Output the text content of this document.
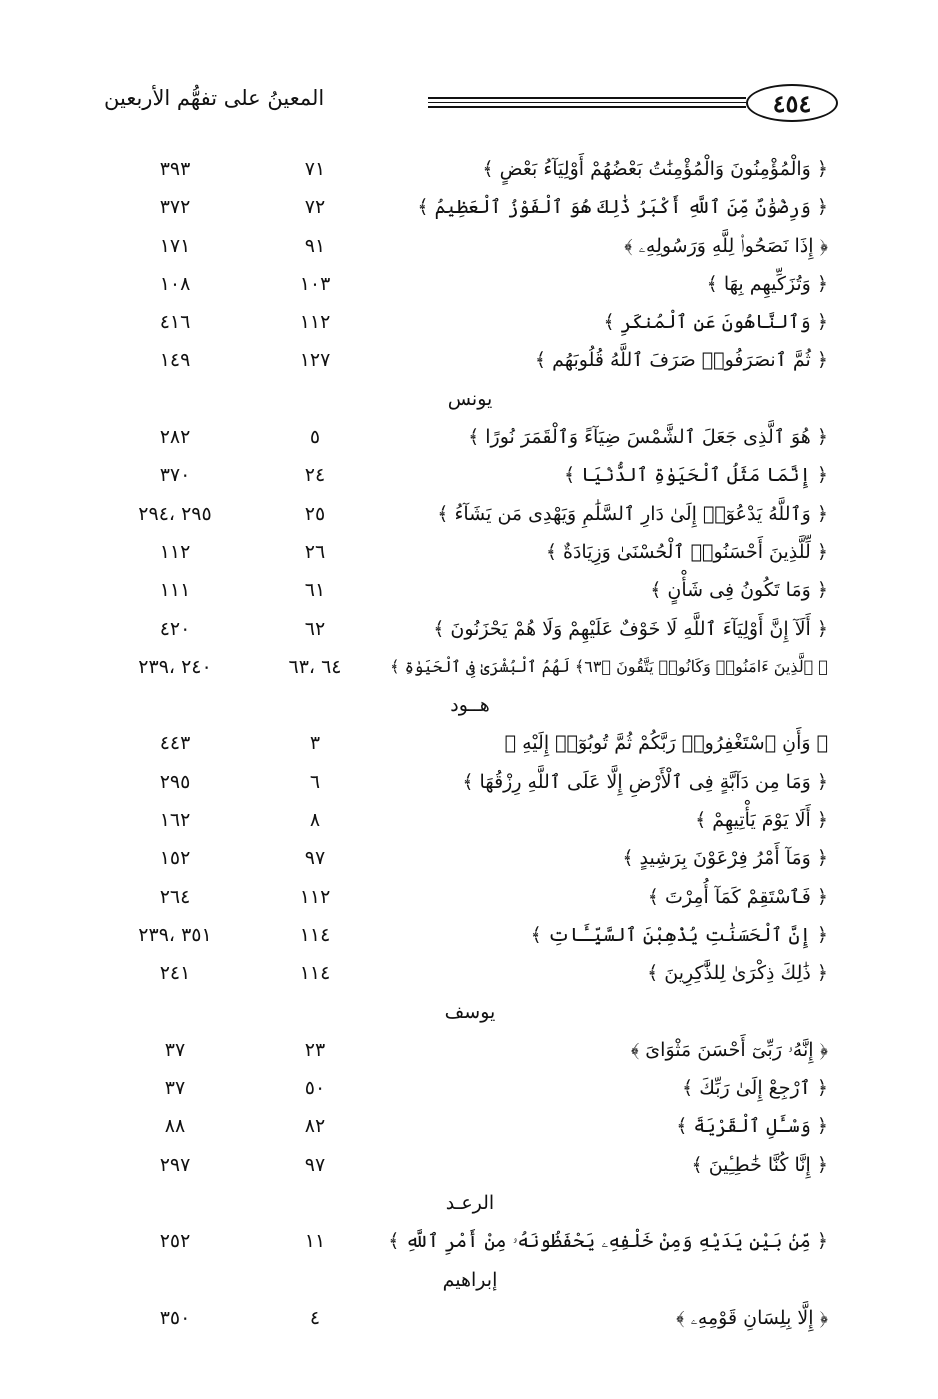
المعينُ على تفهُّم الأربعين	٤٥٤
﴿ وَالْمُؤْمِنُونَ وَالْمُؤْمِنَٰتُ بَعْضُهُمْ أَوْلِيَآءُ بَعْضٍ ﴾
٧١
٣٩٣
﴿ وَرِضْوَٰنٌ مِّنَ ٱللَّهِ أَكْبَرُ ذَٰلِكَ هُوَ ٱلْفَوْزُ ٱلْعَظِيمُ ﴾
٧٢
٣٧٢
﴿ إِذَا نَصَحُوا۟ لِلَّهِ وَرَسُولِهِۦ ﴾
٩١
١٧١
﴿ وَتُزَكِّيهِم بِهَا ﴾
١٠٣
١٠٨
﴿ وَٱلنَّاهُونَ عَنِ ٱلْمُنكَرِ ﴾
١١٢
٤١٦
﴿ ثُمَّ ٱنصَرَفُوا۟ صَرَفَ ٱللَّهُ قُلُوبَهُم ﴾
١٢٧
١٤٩
يونس
﴿ هُوَ ٱلَّذِى جَعَلَ ٱلشَّمْسَ ضِيَآءً وَٱلْقَمَرَ نُورًا ﴾
٥
٢٨٢
﴿ إِنَّمَا مَثَلُ ٱلْحَيَوٰةِ ٱلدُّنْيَا ﴾
٢٤
٣٧٠
﴿ وَٱللَّهُ يَدْعُوٓا۟ إِلَىٰ دَارِ ٱلسَّلَٰمِ وَيَهْدِى مَن يَشَآءُ ﴾
٢٥
٢٩٥ ،٢٩٤
﴿ لِّلَّذِينَ أَحْسَنُوا۟ ٱلْحُسْنَىٰ وَزِيَادَةٌ ﴾
٢٦
١١٢
﴿ وَمَا تَكُونُ فِى شَأْنٍ ﴾
٦١
١١١
﴿ أَلَآ إِنَّ أَوْلِيَآءَ ٱللَّهِ لَا خَوْفٌ عَلَيْهِمْ وَلَا هُمْ يَحْزَنُونَ ﴾
٦٢
٤٢٠
﴿ ٱلَّذِينَ ءَامَنُوا۟ وَكَانُوا۟ يَتَّقُونَ ﴿٦٣﴾ لَهُمُ ٱلْبُشْرَىٰ فِى ٱلْحَيَوٰةِ ﴾
٦٤ ،٦٣
٢٤٠ ،٢٣٩
هــود
﴿ وَأَنِ ٱسْتَغْفِرُوا۟ رَبَّكُمْ ثُمَّ تُوبُوٓا۟ إِلَيْهِ ﴾
٣
٤٤٣
﴿ وَمَا مِن دَآبَّةٍ فِى ٱلْأَرْضِ إِلَّا عَلَى ٱللَّهِ رِزْقُهَا ﴾
٦
٢٩٥
﴿ أَلَا يَوْمَ يَأْتِيهِمْ ﴾
٨
١٦٢
﴿ وَمَآ أَمْرُ فِرْعَوْنَ بِرَشِيدٍ ﴾
٩٧
١٥٢
﴿ فَٱسْتَقِمْ كَمَآ أُمِرْتَ ﴾
١١٢
٢٦٤
﴿ إِنَّ ٱلْحَسَنَٰتِ يُذْهِبْنَ ٱلسَّيِّـَٔاتِ ﴾
١١٤
٣٥١ ،٢٣٩
﴿ ذَٰلِكَ ذِكْرَىٰ لِلذَّٰكِرِينَ ﴾
١١٤
٢٤١
يوسف
﴿ إِنَّهُۥ رَبِّىٓ أَحْسَنَ مَثْوَاىَ ﴾
٢٣
٣٧
﴿ ٱرْجِعْ إِلَىٰ رَبِّكَ ﴾
٥٠
٣٧
﴿ وَسْـَٔلِ ٱلْقَرْيَةَ ﴾
٨٢
٨٨
﴿ إِنَّا كُنَّا خَٰطِـِٔينَ ﴾
٩٧
٢٩٧
الرعـد
﴿ مِّنۢ بَيْنِ يَدَيْهِ وَمِنْ خَلْفِهِۦ يَحْفَظُونَهُۥ مِنْ أَمْرِ ٱللَّهِ ﴾
١١
٢٥٢
إبراهيم
﴿ إِلَّا بِلِسَانِ قَوْمِهِۦ ﴾
٤
٣٥٠
